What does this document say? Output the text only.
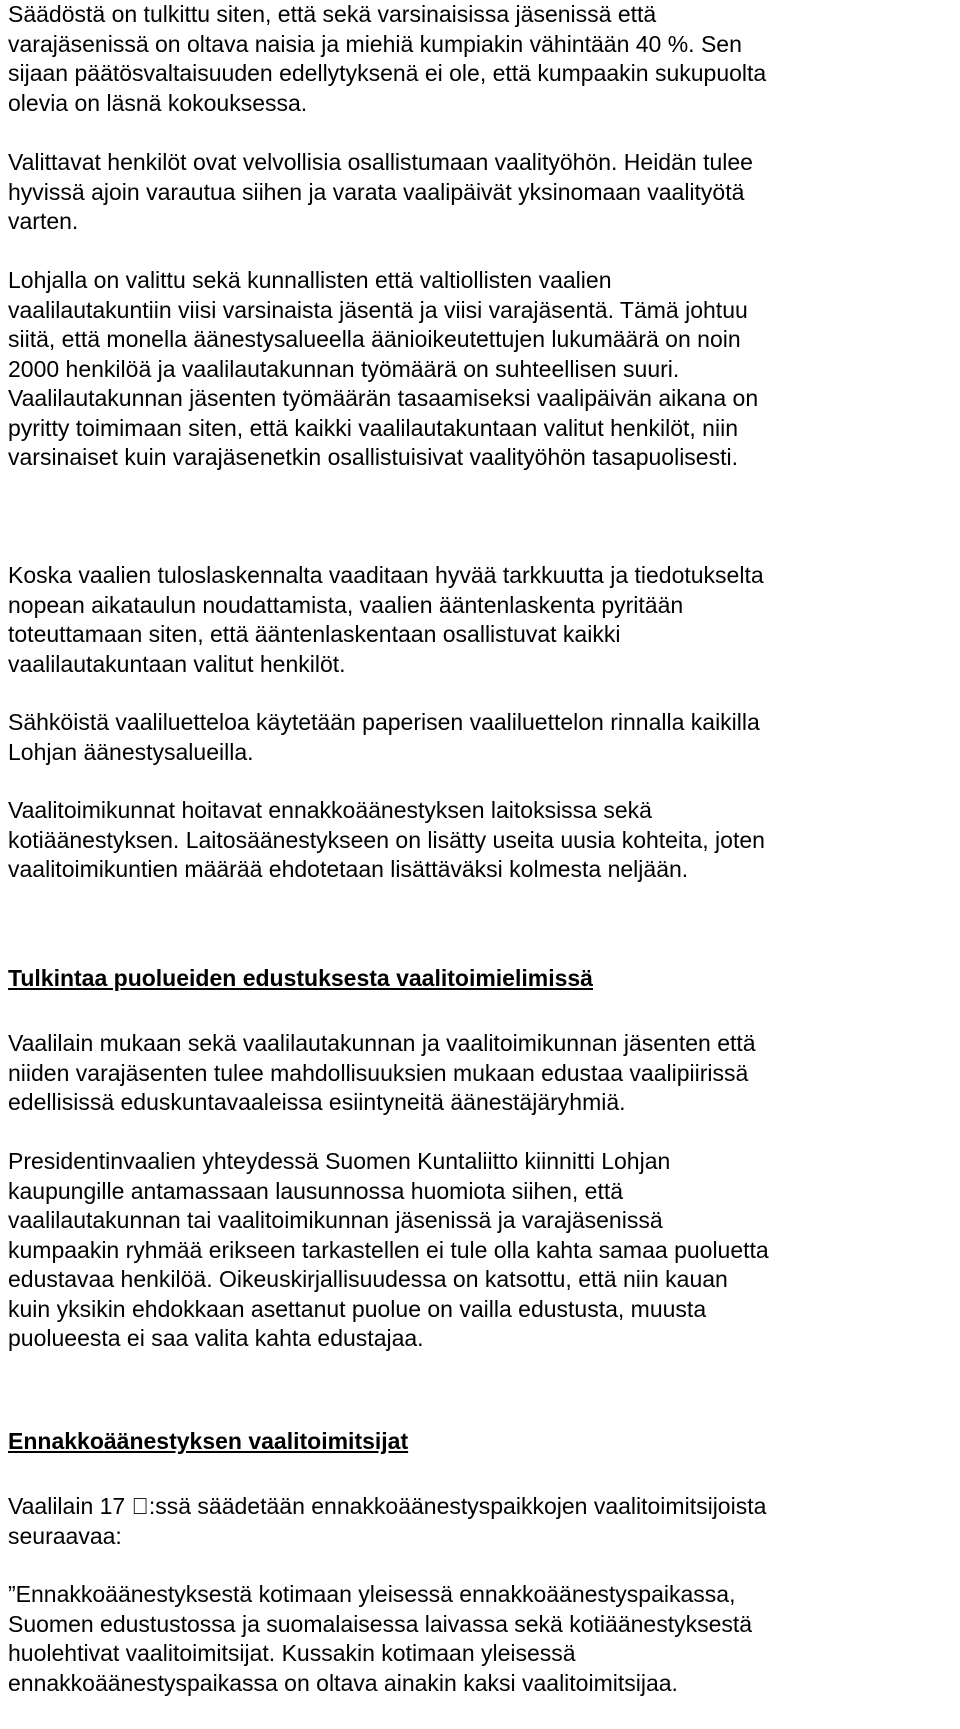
Säädöstä on tulkittu siten, että sekä varsinaisissa jäsenissä että
varajäsenissä on oltava naisia ja miehiä kumpiakin vähintään 40 %. Sen
sijaan päätösvaltaisuuden edellytyksenä ei ole, että kumpaakin sukupuolta
olevia on läsnä kokouksessa.
Valittavat henkilöt ovat velvollisia osallistumaan vaalityöhön. Heidän tulee
hyvissä ajoin varautua siihen ja varata vaalipäivät yksinomaan vaalityötä
varten.
Lohjalla on valittu sekä kunnallisten että valtiollisten vaalien
vaalilautakuntiin viisi varsinaista jäsentä ja viisi varajäsentä. Tämä johtuu
siitä, että monella äänestysalueella äänioikeutettujen lukumäärä on noin
2000 henkilöä ja vaalilautakunnan työmäärä on suhteellisen suuri.
Vaalilautakunnan jäsenten työmäärän tasaamiseksi vaalipäivän aikana on
pyritty toimimaan siten, että kaikki vaalilautakuntaan valitut henkilöt, niin
varsinaiset kuin varajäsenetkin osallistuisivat vaalityöhön tasapuolisesti.
Koska vaalien tuloslaskennalta vaaditaan hyvää tarkkuutta ja tiedotukselta
nopean aikataulun noudattamista, vaalien ääntenlaskenta pyritään
toteuttamaan siten, että ääntenlaskentaan osallistuvat kaikki
vaalilautakuntaan valitut henkilöt.
Sähköistä vaaliluetteloa käytetään paperisen vaaliluettelon rinnalla kaikilla
Lohjan äänestysalueilla.
Vaalitoimikunnat hoitavat ennakkoäänestyksen laitoksissa sekä
kotiäänestyksen. Laitosäänestykseen on lisätty useita uusia kohteita, joten
vaalitoimikuntien määrää ehdotetaan lisättäväksi kolmesta neljään.
Tulkintaa puolueiden edustuksesta vaalitoimielimissä
Vaalilain mukaan sekä vaalilautakunnan ja vaalitoimikunnan jäsenten että
niiden varajäsenten tulee mahdollisuuksien mukaan edustaa vaalipiirissä
edellisissä eduskuntavaaleissa esiintyneitä äänestäjäryhmiä.
Presidentinvaalien yhteydessä Suomen Kuntaliitto kiinnitti Lohjan
kaupungille antamassaan lausunnossa huomiota siihen, että
vaalilautakunnan tai vaalitoimikunnan jäsenissä ja varajäsenissä
kumpaakin ryhmää erikseen tarkastellen ei tule olla kahta samaa puoluetta
edustavaa henkilöä. Oikeuskirjallisuudessa on katsottu, että niin kauan
kuin yksikin ehdokkaan asettanut puolue on vailla edustusta, muusta
puolueesta ei saa valita kahta edustajaa.
Ennakkoäänestyksen vaalitoimitsijat
Vaalilain 17 :ssä säädetään ennakkoäänestyspaikkojen vaalitoimitsijoista
seuraavaa:
”Ennakkoäänestyksestä kotimaan yleisessä ennakkoäänestyspaikassa,
Suomen edustustossa ja suomalaisessa laivassa sekä kotiäänestyksestä
huolehtivat vaalitoimitsijat. Kussakin kotimaan yleisessä
ennakkoäänestyspaikassa on oltava ainakin kaksi vaalitoimitsijaa.
